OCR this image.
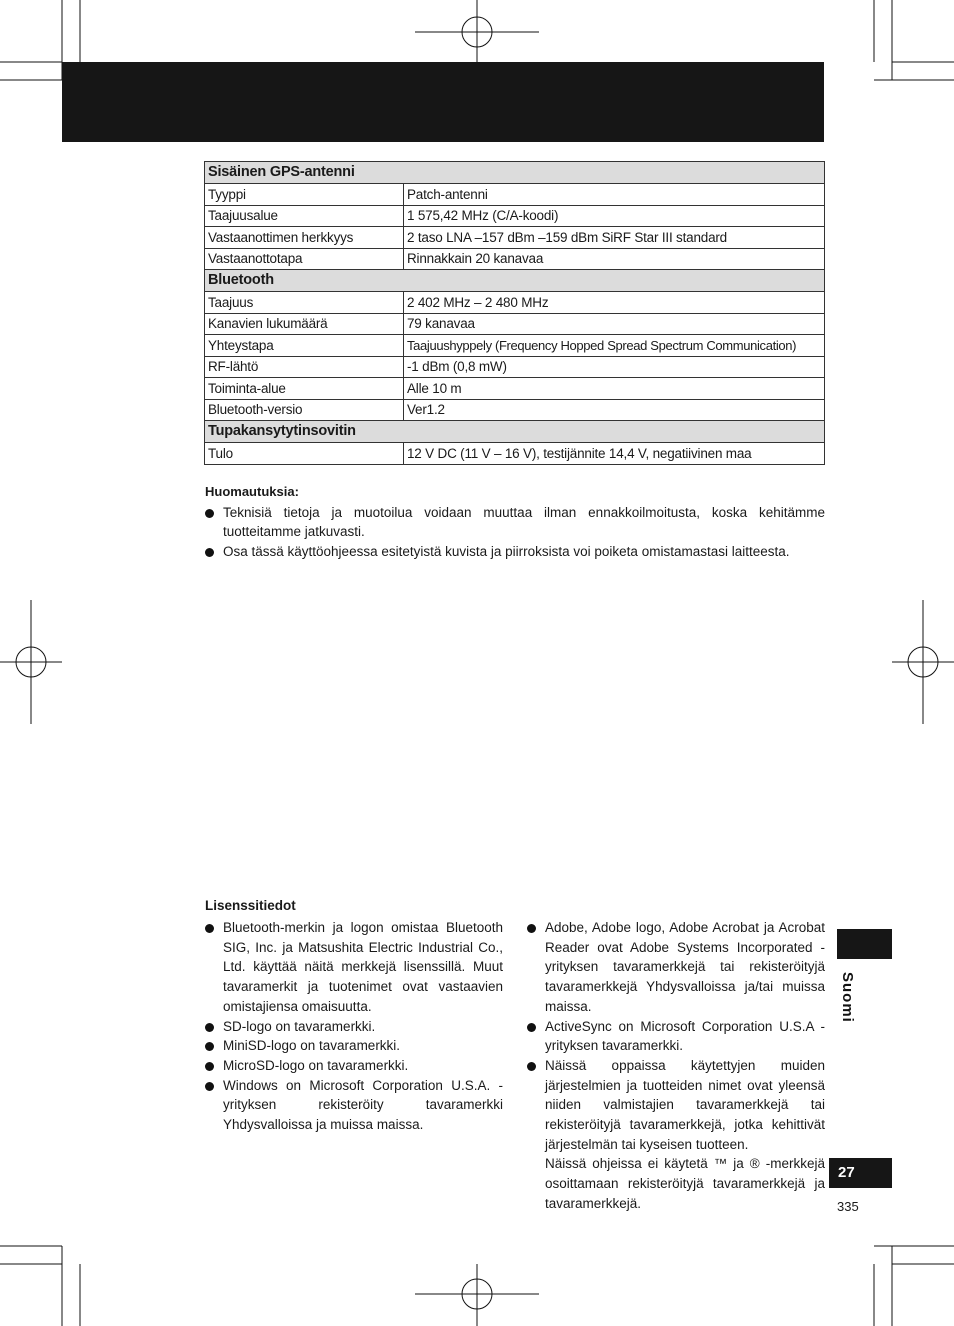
Sisäinen GPS-antenni	
Tyyppi	Patch-antenni
Taajuusalue	1 575,42 MHz (C/A-koodi)
Vastaanottimen herkkyys	2 taso LNA –157 dBm –159 dBm SiRF Star III standard
Vastaanottotapa	Rinnakkain 20 kanavaa
Bluetooth	
Taajuus	2 402 MHz – 2 480 MHz
Kanavien lukumäärä	79 kanavaa
Yhteystapa	Taajuushyppely (Frequency Hopped Spread Spectrum Communication)
RF-lähtö	-1 dBm (0,8 mW)
Toiminta-alue	Alle 10 m
Bluetooth-versio	Ver1.2
Tupakansytytinsovitin	
Tulo	12 V DC (11 V – 16 V), testijännite 14,4 V, negatiivinen maa
Huomautuksia:
Teknisiä tietoja ja muotoilua voidaan muuttaa ilman ennakkoilmoitusta, koska kehitämme tuotteitamme jatkuvasti.
Osa tässä käyttöohjeessa esitetyistä kuvista ja piirroksista voi poiketa omistamastasi laitteesta.
Lisenssitiedot
Bluetooth-merkin ja logon omistaa Bluetooth SIG, Inc. ja Matsushita Electric Industrial Co., Ltd. käyttää näitä merkkejä lisenssillä. Muut tavaramerkit ja tuotenimet ovat vastaavien omistajiensa omaisuutta.
SD-logo on tavaramerkki.
MiniSD-logo on tavaramerkki.
MicroSD-logo on tavaramerkki.
Windows on Microsoft Corporation U.S.A. -yrityksen rekisteröity tavaramerkki Yhdysvalloissa ja muissa maissa.
Adobe, Adobe logo, Adobe Acrobat ja Acrobat Reader ovat Adobe Systems Incorporated -yrityksen tavaramerkkejä tai rekisteröityjä tavaramerkkejä Yhdysvalloissa ja/tai muissa maissa.
ActiveSync on Microsoft Corporation U.S.A -yrityksen tavaramerkki.
Näissä oppaissa käytettyjen muiden järjestelmien ja tuotteiden nimet ovat yleensä niiden valmistajien tavaramerkkejä tai rekisteröityjä tavaramerkkejä, jotka kehittivät järjestelmän tai kyseisen tuotteen.
Näissä ohjeissa ei käytetä ™ ja ® -merkkejä osoittamaan rekisteröityjä tavaramerkkejä ja tavaramerkkejä.
Suomi
27
335
